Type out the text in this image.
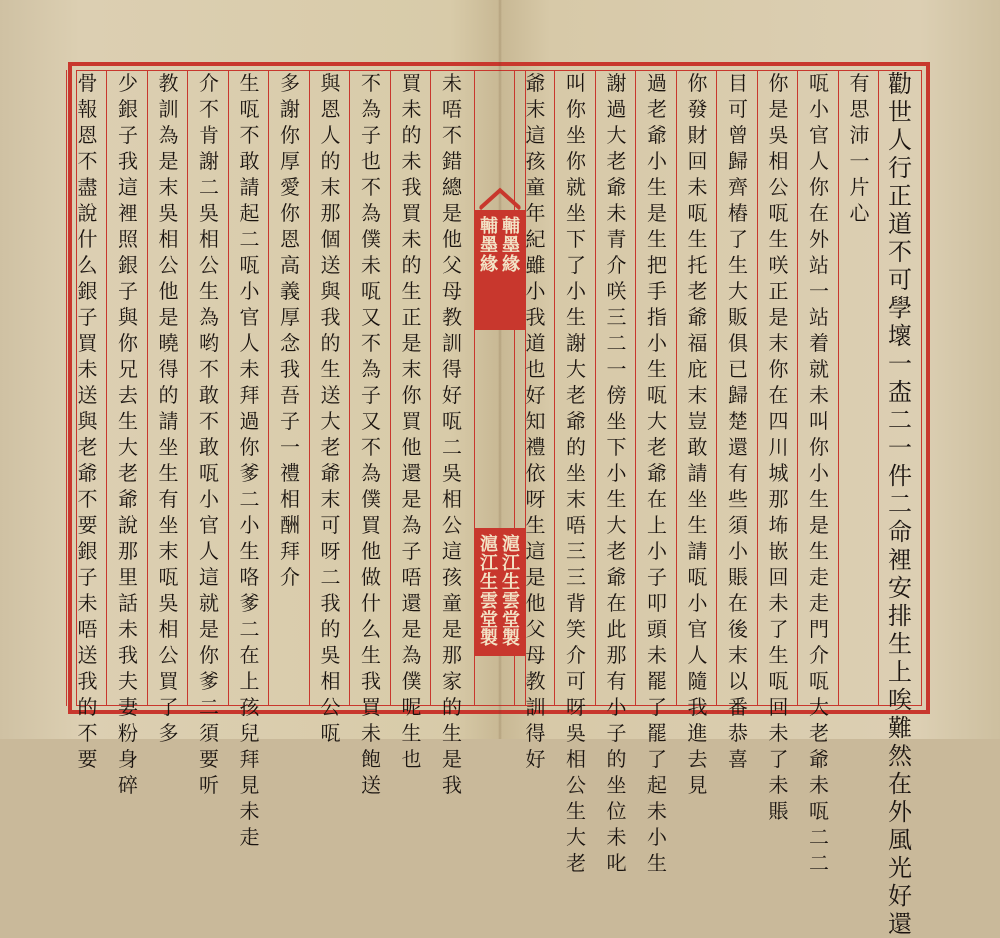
勸
世
人
行
正
道
不
可
學
壞
一
㭗
二
一
件
二
命
裡
安
排
生
上
唉
難
然
在
外
風
光
好
還
有
思
沛
一
片
心
咓
小
官
人
你
在
外
站
一
站
着
就
未
叫
你
小
生
是
生
走
走
門
介
咓
大
老
爺
未
咓
二
二
你
是
吳
相
公
咓
生
咲
正
是
末
你
在
四
川
城
那
㘵
嵌
回
未
了
生
咓
回
未
了
未
賬
目
可
曾
歸
齊
樁
了
生
大
販
俱
已
歸
楚
還
有
些
須
小
賬
在
後
末
以
番
恭
喜
你
發
財
回
未
咓
生
托
老
爺
福
庇
末
豈
敢
請
坐
生
請
咓
小
官
人
隨
我
進
去
見
過
老
爺
小
生
是
生
把
手
指
小
生
咓
大
老
爺
在
上
小
子
叩
頭
未
罷
了
罷
了
起
未
小
生
謝
過
大
老
爺
未
青
介
咲
三
二
一
傍
坐
下
小
生
大
老
爺
在
此
那
有
小
子
的
坐
位
未
叱
叫
你
坐
你
就
坐
下
了
小
生
謝
大
老
爺
的
坐
末
唔
三
三
背
笑
介
可
呀
吳
相
公
生
大
老
爺
末
這
孩
童
年
紀
雖
小
我
道
也
好
知
禮
依
呀
生
這
是
他
父
母
教
訓
得
好
未
唔
不
錯
總
是
他
父
母
教
訓
得
好
咓
二
吳
相
公
這
孩
童
是
那
家
的
生
是
我
買
未
的
未
我
買
未
的
生
正
是
末
你
買
他
還
是
為
子
唔
還
是
為
僕
呢
生
也
不
為
子
也
不
為
僕
未
咓
又
不
為
子
又
不
為
僕
買
他
做
什
么
生
我
買
未
飽
送
與
恩
人
的
末
那
個
送
與
我
的
生
送
大
老
爺
末
可
呀
二
我
的
吳
相
公
咓
多
謝
你
厚
愛
你
恩
高
義
厚
念
我
吾
子
一
禮
相
酬
拜
介
生
咓
不
敢
請
起
二
咓
小
官
人
未
拜
過
你
爹
二
小
生
咯
爹
二
在
上
孩
兒
拜
見
未
走
介
不
肯
謝
二
吳
相
公
生
為
哟
不
敢
不
敢
咓
小
官
人
這
就
是
你
爹
二
須
要
听
教
訓
為
是
末
吳
相
公
他
是
曉
得
的
請
坐
生
有
坐
末
咓
吳
相
公
買
了
多
少
銀
子
我
這
裡
照
銀
子
與
你
兄
去
生
大
老
爺
說
那
里
話
未
我
夫
妻
粉
身
碎
骨
報
恩
不
盡
說
什
么
銀
子
買
未
送
與
老
爺
不
要
銀
子
未
唔
送
我
的
不
要
輔
墨
緣
輔
墨
緣
滬
江
生
雲
堂
製
滬
江
生
雲
堂
製
